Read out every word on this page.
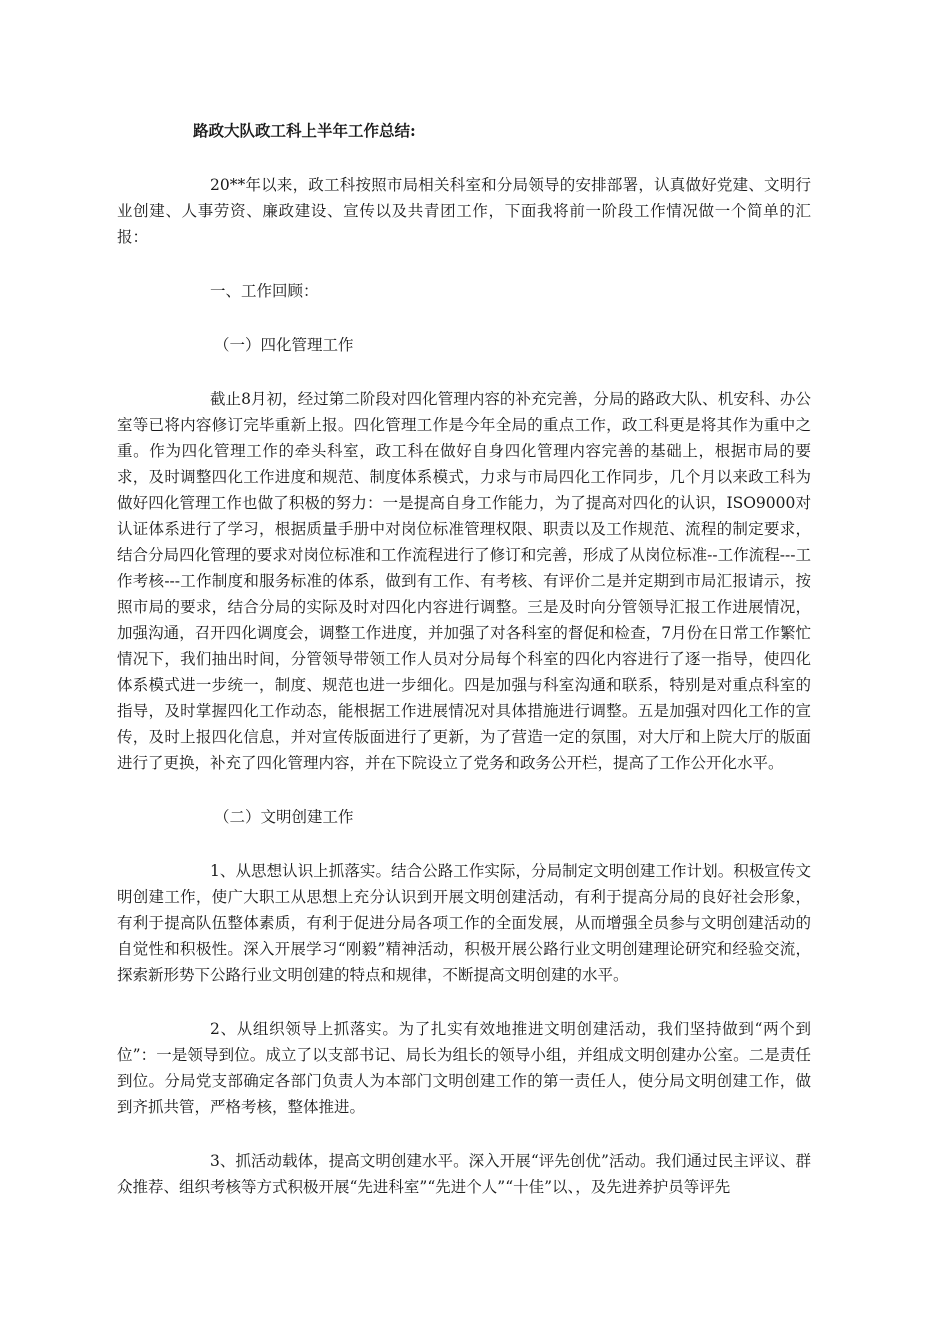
路政大队政工科上半年工作总结:

20**年以来，政工科按照市局相关科室和分局领导的安排部署，认真做好党建、文明行业创建、人事劳资、廉政建设、宣传以及共青团工作，下面我将前一阶段工作情况做一个简单的汇报：

一、工作回顾：

（一）四化管理工作

截止8月初，经过第二阶段对四化管理内容的补充完善，分局的路政大队、机安科、办公室等已将内容修订完毕重新上报。四化管理工作是今年全局的重点工作，政工科更是将其作为重中之重。作为四化管理工作的牵头科室，政工科在做好自身四化管理内容完善的基础上，根据市局的要求，及时调整四化工作进度和规范、制度体系模式，力求与市局四化工作同步，几个月以来政工科为做好四化管理工作也做了积极的努力：一是提高自身工作能力，为了提高对四化的认识，ISO9000对认证体系进行了学习，根据质量手册中对岗位标准管理权限、职责以及工作规范、流程的制定要求，结合分局四化管理的要求对岗位标准和工作流程进行了修订和完善，形成了从岗位标准--工作流程---工作考核---工作制度和服务标准的体系，做到有工作、有考核、有评价二是并定期到市局汇报请示，按照市局的要求，结合分局的实际及时对四化内容进行调整。三是及时向分管领导汇报工作进展情况，加强沟通，召开四化调度会，调整工作进度，并加强了对各科室的督促和检查，7月份在日常工作繁忙情况下，我们抽出时间，分管领导带领工作人员对分局每个科室的四化内容进行了逐一指导，使四化体系模式进一步统一，制度、规范也进一步细化。四是加强与科室沟通和联系，特别是对重点科室的指导，及时掌握四化工作动态，能根据工作进展情况对具体措施进行调整。五是加强对四化工作的宣传，及时上报四化信息，并对宣传版面进行了更新，为了营造一定的氛围，对大厅和上院大厅的版面进行了更换，补充了四化管理内容，并在下院设立了党务和政务公开栏，提高了工作公开化水平。

（二）文明创建工作

1、从思想认识上抓落实。结合公路工作实际，分局制定文明创建工作计划。积极宣传文明创建工作，使广大职工从思想上充分认识到开展文明创建活动，有利于提高分局的良好社会形象，有利于提高队伍整体素质，有利于促进分局各项工作的全面发展，从而增强全员参与文明创建活动的自觉性和积极性。深入开展学习“刚毅”精神活动，积极开展公路行业文明创建理论研究和经验交流，探索新形势下公路行业文明创建的特点和规律，不断提高文明创建的水平。

2、从组织领导上抓落实。为了扎实有效地推进文明创建活动，我们坚持做到“两个到位”：一是领导到位。成立了以支部书记、局长为组长的领导小组，并组成文明创建办公室。二是责任到位。分局党支部确定各部门负责人为本部门文明创建工作的第一责任人，使分局文明创建工作，做到齐抓共管，严格考核，整体推进。

3、抓活动载体，提高文明创建水平。深入开展“评先创优”活动。我们通过民主评议、群众推荐、组织考核等方式积极开展“先进科室”“先进个人”“十佳”以、，及先进养护员等评先
